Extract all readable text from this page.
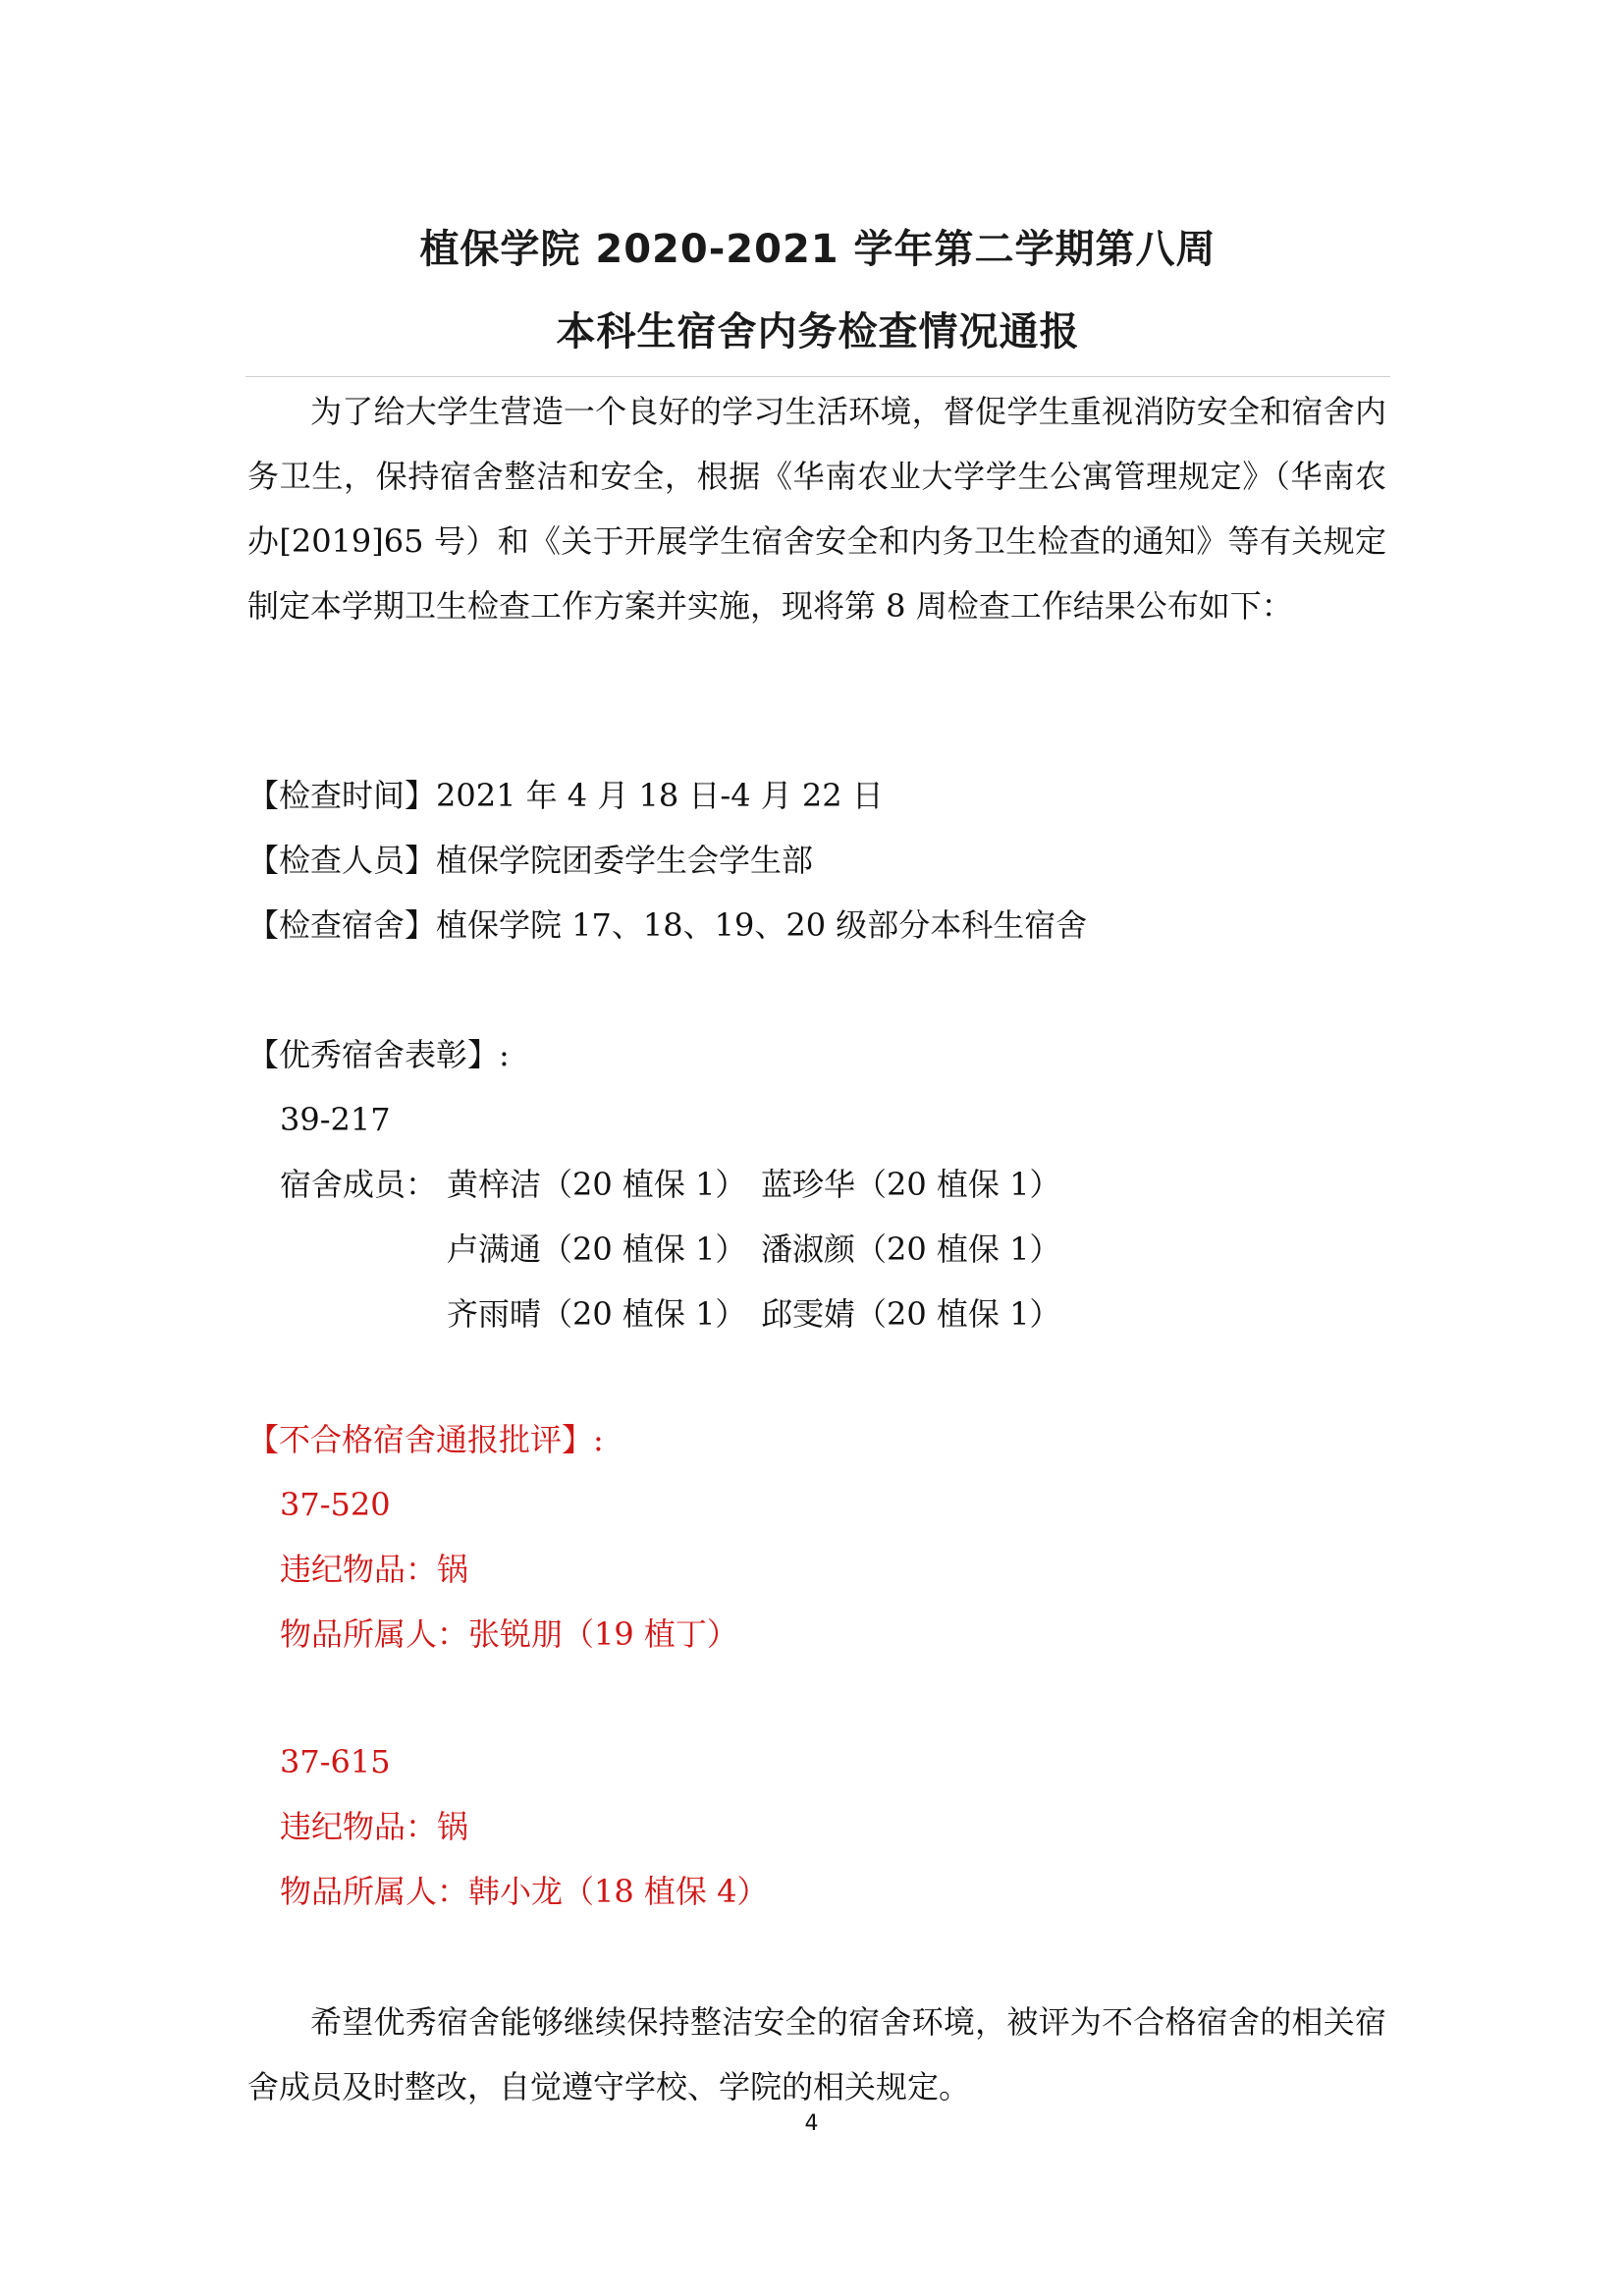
植保学院 2020-2021 学年第二学期第八周
本科生宿舍内务检查情况通报
为了给大学生营造一个良好的学习生活环境，督促学生重视消防安全和宿舍内务卫生，保持宿舍整洁和安全，根据《华南农业大学学生公寓管理规定》（华南农办[2019]65 号）和《关于开展学生宿舍安全和内务卫生检查的通知》等有关规定制定本学期卫生检查工作方案并实施，现将第 8 周检查工作结果公布如下：
【检查时间】2021 年 4 月 18 日-4 月 22 日
【检查人员】植保学院团委学生会学生部
【检查宿舍】植保学院 17、18、19、20 级部分本科生宿舍
【优秀宿舍表彰】:
39-217
宿舍成员： 黄梓洁（20 植保 1） 蓝珍华（20 植保 1）
卢满通（20 植保 1） 潘淑颜（20 植保 1）
齐雨晴（20 植保 1） 邱雯婧（20 植保 1）
【不合格宿舍通报批评】:
37-520
违纪物品：锅
物品所属人：张锐朋（19 植丁）
37-615
违纪物品：锅
物品所属人：韩小龙（18 植保 4）
希望优秀宿舍能够继续保持整洁安全的宿舍环境，被评为不合格宿舍的相关宿舍成员及时整改，自觉遵守学校、学院的相关规定。
4
